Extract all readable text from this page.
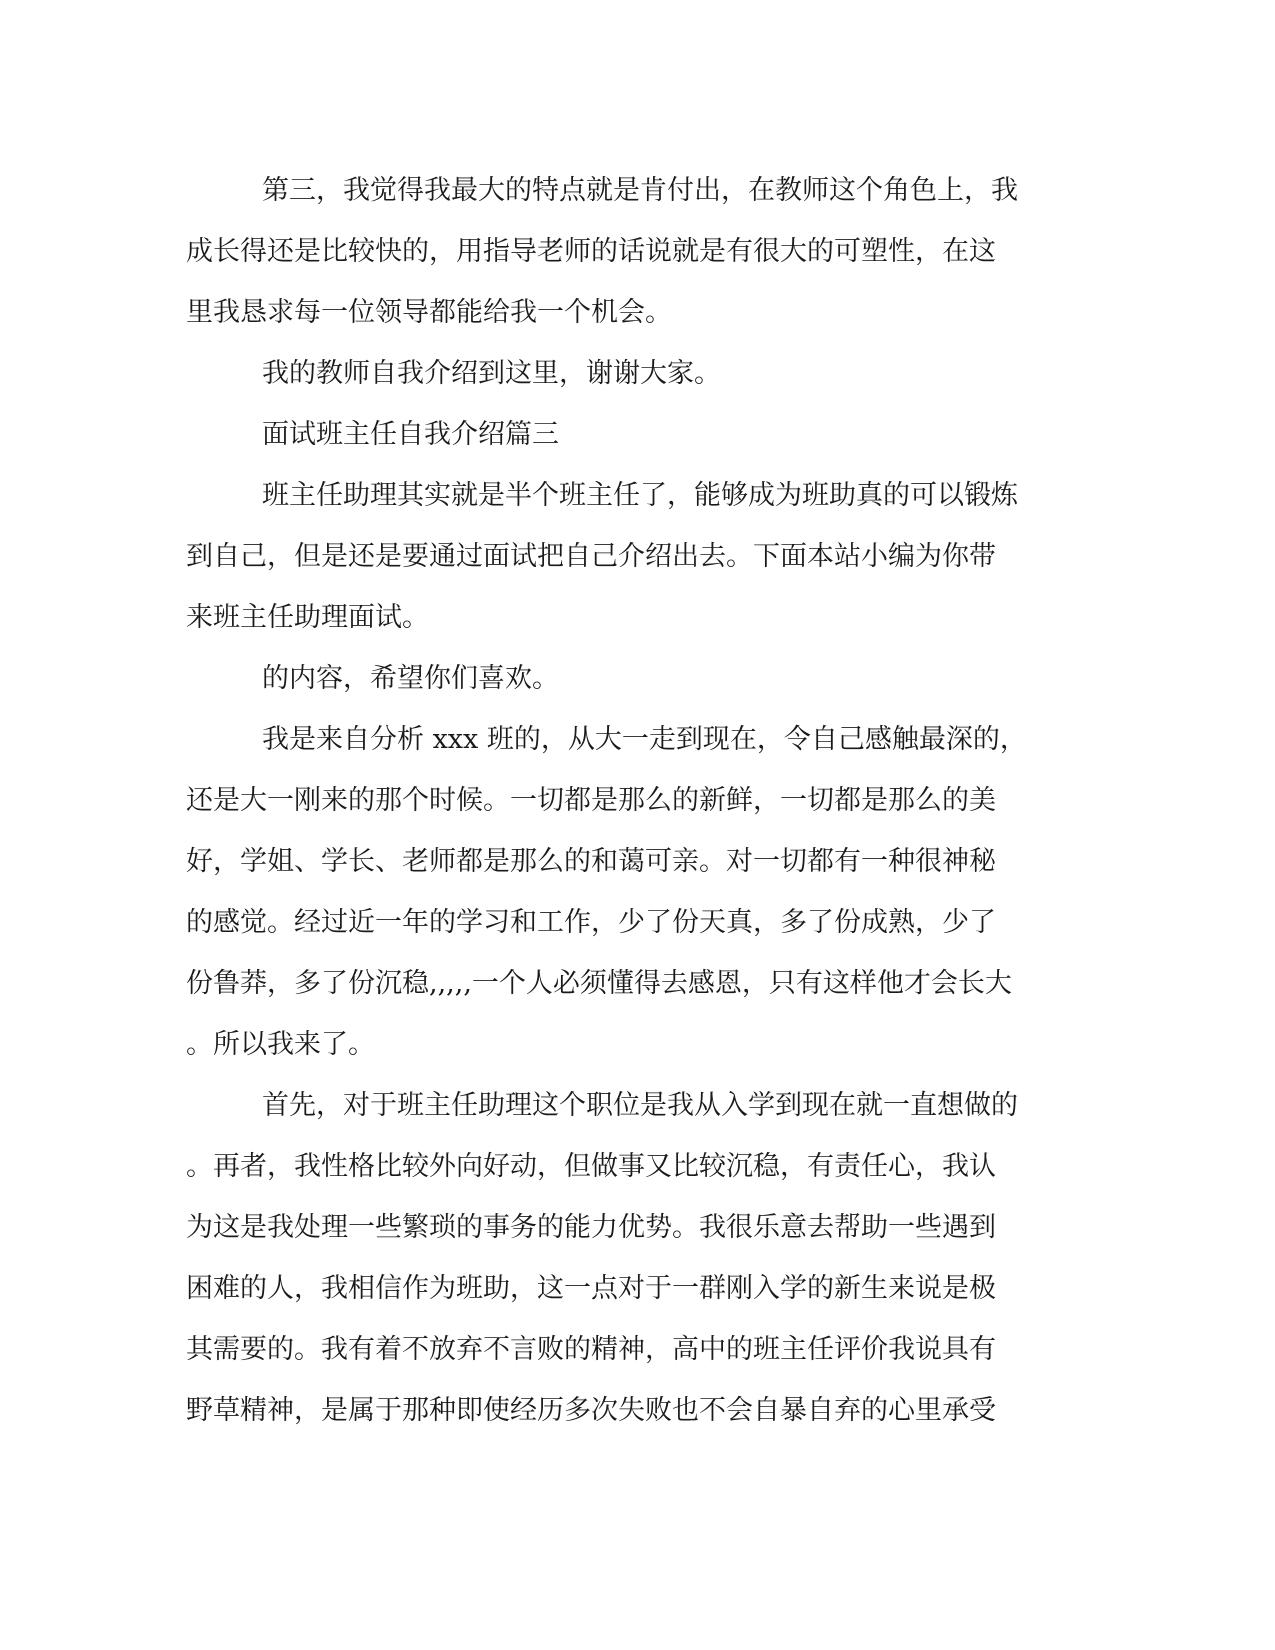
第三，我觉得我最大的特点就是肯付出，在教师这个角色上，我
成长得还是比较快的，用指导老师的话说就是有很大的可塑性，在这
里我恳求每一位领导都能给我一个机会。
我的教师自我介绍到这里，谢谢大家。
面试班主任自我介绍篇三
班主任助理其实就是半个班主任了，能够成为班助真的可以锻炼
到自己，但是还是要通过面试把自己介绍出去。下面本站小编为你带
来班主任助理面试。
的内容，希望你们喜欢。
我是来自分析 xxx 班的，从大一走到现在，令自己感触最深的，
还是大一刚来的那个时候。一切都是那么的新鲜，一切都是那么的美
好，学姐、学长、老师都是那么的和蔼可亲。对一切都有一种很神秘
的感觉。经过近一年的学习和工作，少了份天真，多了份成熟，少了
份鲁莽，多了份沉稳,,,,,一个人必须懂得去感恩，只有这样他才会长大
。所以我来了。
首先，对于班主任助理这个职位是我从入学到现在就一直想做的
。再者，我性格比较外向好动，但做事又比较沉稳，有责任心，我认
为这是我处理一些繁琐的事务的能力优势。我很乐意去帮助一些遇到
困难的人，我相信作为班助，这一点对于一群刚入学的新生来说是极
其需要的。我有着不放弃不言败的精神，高中的班主任评价我说具有
野草精神，是属于那种即使经历多次失败也不会自暴自弃的心里承受
